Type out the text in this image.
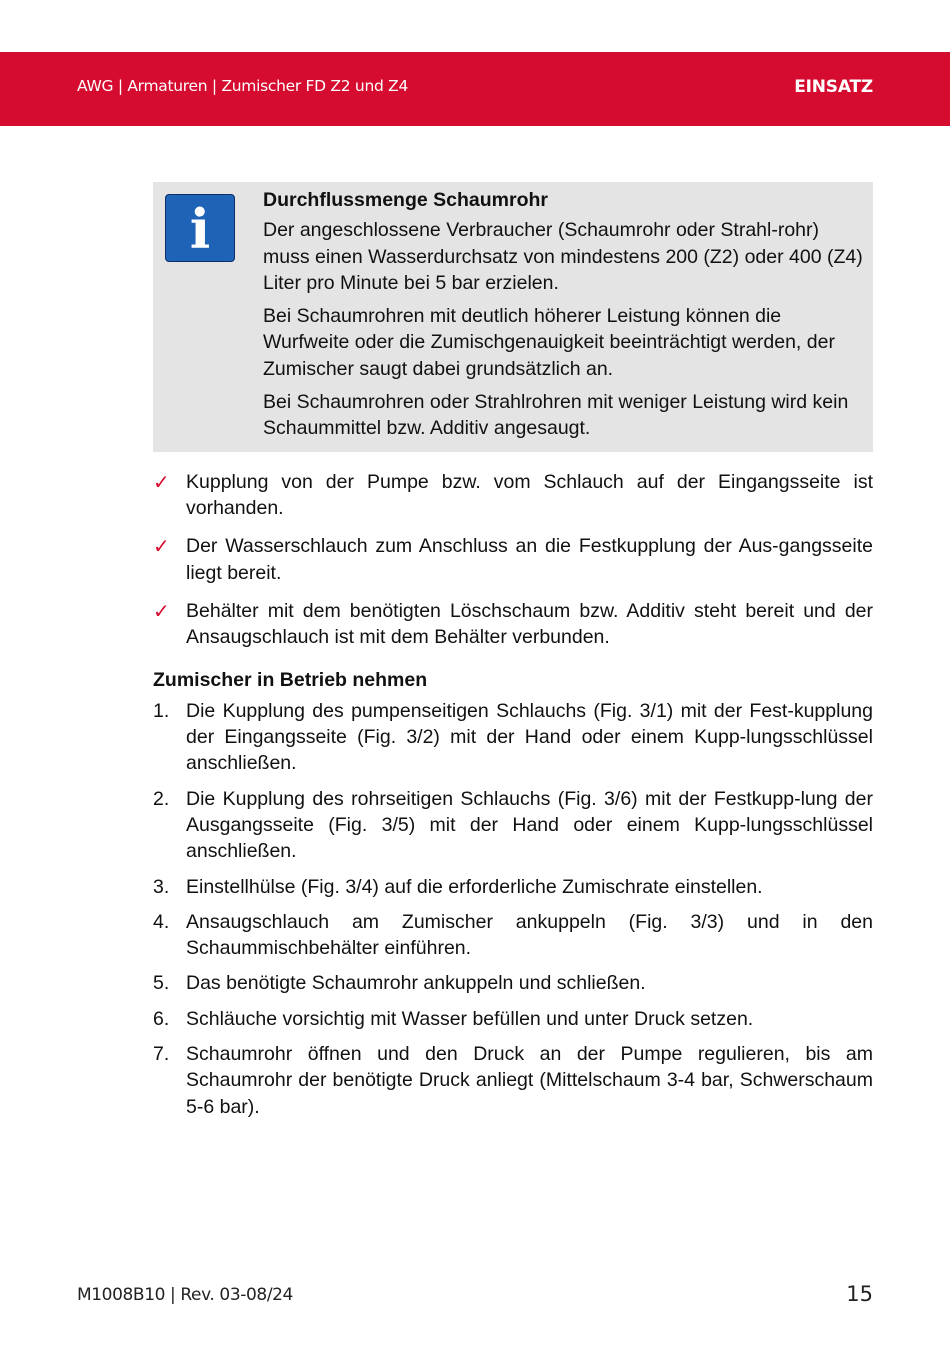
AWG | Armaturen | Zumischer FD Z2 und Z4	EINSATZ
i	Durchflussmenge Schaumrohr

Der angeschlossene Verbraucher (Schaumrohr oder Strahl-rohr) muss einen Wasserdurchsatz von mindestens 200 (Z2) oder 400 (Z4) Liter pro Minute bei 5 bar erzielen.

Bei Schaumrohren mit deutlich höherer Leistung können die Wurfweite oder die Zumischgenauigkeit beeinträchtigt werden, der Zumischer saugt dabei grundsätzlich an.

Bei Schaumrohren oder Strahlrohren mit weniger Leistung wird kein Schaummittel bzw. Additiv angesaugt.

✓ Kupplung von der Pumpe bzw. vom Schlauch auf der Eingangsseite ist vorhanden.
✓ Der Wasserschlauch zum Anschluss an die Festkupplung der Aus-gangsseite liegt bereit.
✓ Behälter mit dem benötigten Löschschaum bzw. Additiv steht bereit und der Ansaugschlauch ist mit dem Behälter verbunden.
Zumischer in Betrieb nehmen
1. Die Kupplung des pumpenseitigen Schlauchs (Fig. 3/1) mit der Fest-kupplung der Eingangsseite (Fig. 3/2) mit der Hand oder einem Kupp-lungsschlüssel anschließen.
2. Die Kupplung des rohrseitigen Schlauchs (Fig. 3/6) mit der Festkupp-lung der Ausgangsseite (Fig. 3/5) mit der Hand oder einem Kupp-lungsschlüssel anschließen.
3. Einstellhülse (Fig. 3/4) auf die erforderliche Zumischrate einstellen.
4. Ansaugschlauch am Zumischer ankuppeln (Fig. 3/3) und in den Schaummischbehälter einführen.
5. Das benötigte Schaumrohr ankuppeln und schließen.
6. Schläuche vorsichtig mit Wasser befüllen und unter Druck setzen.
7. Schaumrohr öffnen und den Druck an der Pumpe regulieren, bis am Schaumrohr der benötigte Druck anliegt (Mittelschaum 3-4 bar, Schwerschaum 5-6 bar).
M1008B10 | Rev. 03-08/24	15
